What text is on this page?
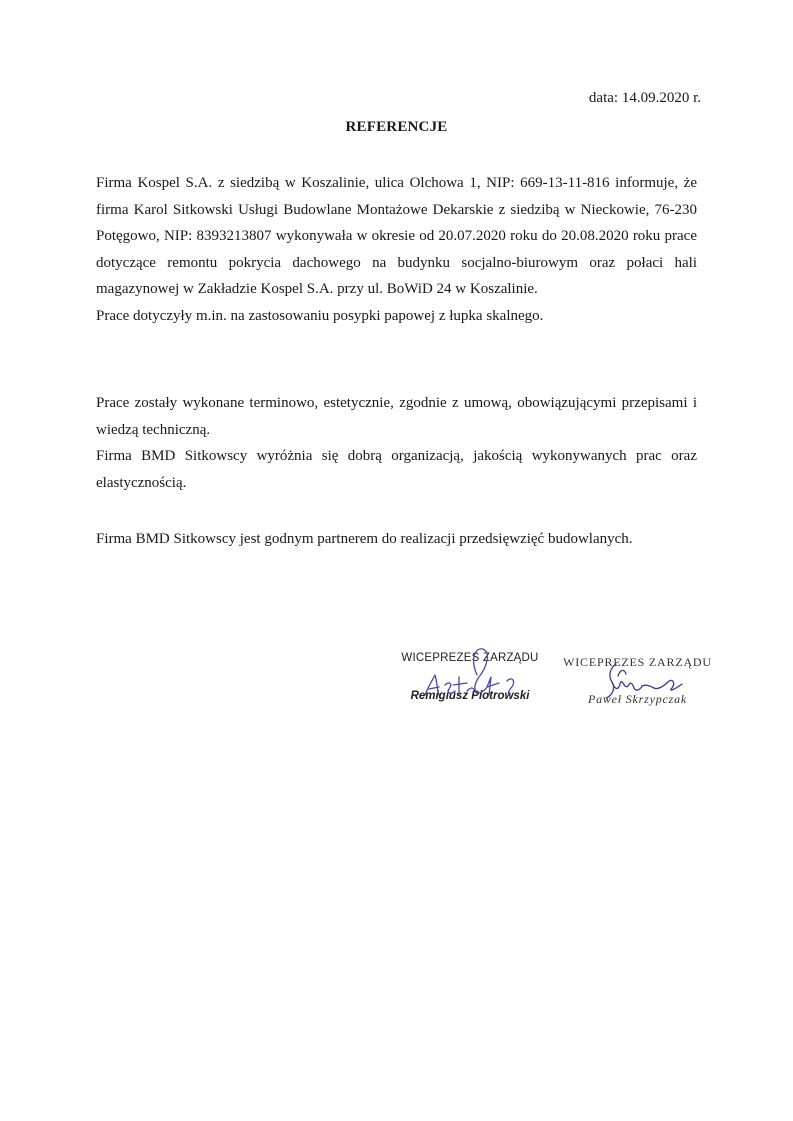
data: 14.09.2020 r.
REFERENCJE

Firma Kospel S.A. z siedzibą w Koszalinie, ulica Olchowa 1, NIP: 669-13-11-816 informuje, że firma Karol Sitkowski Usługi Budowlane Montażowe Dekarskie z siedzibą w Nieckowie, 76-230 Potęgowo, NIP: 8393213807 wykonywała w okresie od 20.07.2020 roku do 20.08.2020 roku prace dotyczące remontu pokrycia dachowego na budynku socjalno-biurowym oraz połaci hali magazynowej w Zakładzie Kospel S.A. przy ul. BoWiD 24 w Koszalinie.

Prace dotyczyły m.in. na zastosowaniu posypki papowej z łupka skalnego.

Prace zostały wykonane terminowo, estetycznie, zgodnie z umową, obowiązującymi przepisami i wiedzą techniczną.

Firma BMD Sitkowscy wyróżnia się dobrą organizacją, jakością wykonywanych prac oraz elastycznością.

Firma BMD Sitkowscy jest godnym partnerem do realizacji przedsięwzięć budowlanych.

WICEPREZES ZARZĄDU
Remigiusz Piotrowski
WICEPREZES ZARZĄDU
Paweł Skrzypczak
